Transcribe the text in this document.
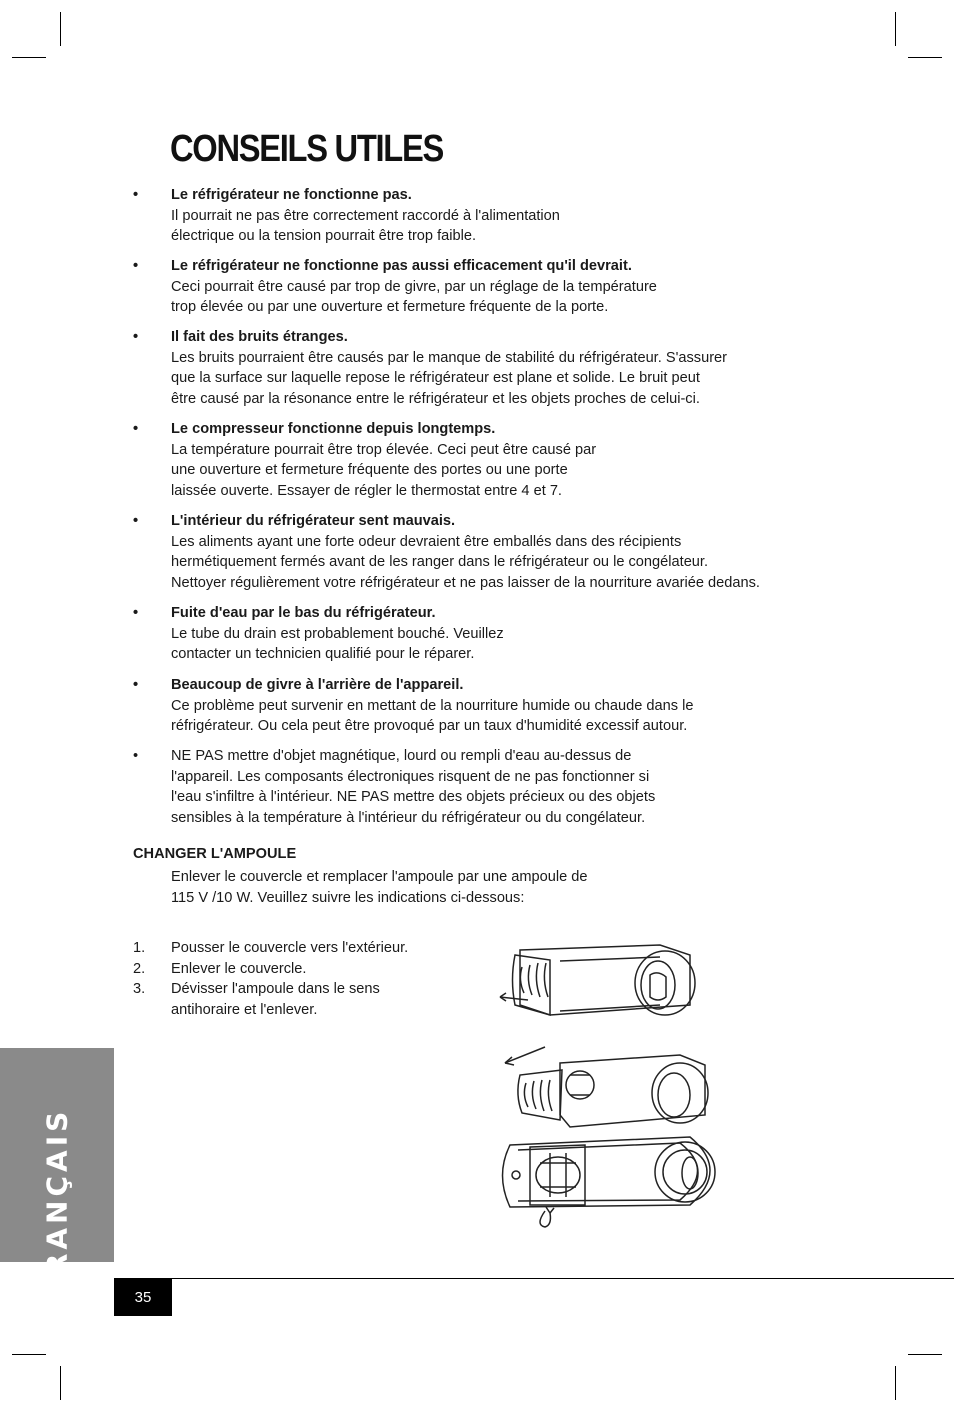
CONSEILS UTILES
• Le réfrigérateur ne fonctionne pas.
Il pourrait ne pas être correctement raccordé à l'alimentation
électrique ou la tension pourrait être trop faible.
• Le réfrigérateur ne fonctionne pas aussi efficacement qu'il devrait.
Ceci pourrait être causé par trop de givre, par un réglage de la température
trop élevée ou par une ouverture et fermeture fréquente de la porte.
• Il fait des bruits étranges.
Les bruits pourraient être causés par le manque de stabilité du réfrigérateur. S'assurer
que la surface sur laquelle repose le réfrigérateur est plane et solide. Le bruit peut
être causé par la résonance entre le réfrigérateur et les objets proches de celui-ci.
• Le compresseur fonctionne depuis longtemps.
La température pourrait être trop élevée. Ceci peut être causé par
une ouverture et fermeture fréquente des portes ou une porte
laissée ouverte. Essayer de régler le thermostat entre 4 et 7.
• L'intérieur du réfrigérateur sent mauvais.
Les aliments ayant une forte odeur devraient être emballés dans des récipients
hermétiquement fermés avant de les ranger dans le réfrigérateur ou le congélateur.
Nettoyer régulièrement votre réfrigérateur et ne pas laisser de la nourriture avariée dedans.
• Fuite d'eau par le bas du réfrigérateur.
Le tube du drain est probablement bouché. Veuillez
contacter un technicien qualifié pour le réparer.
• Beaucoup de givre à l'arrière de l'appareil.
Ce problème peut survenir en mettant de la nourriture humide ou chaude dans le
réfrigérateur. Ou cela peut être provoqué par un taux d'humidité excessif autour.
• NE PAS mettre d'objet magnétique, lourd ou rempli d'eau au-dessus de
l'appareil. Les composants électroniques risquent de ne pas fonctionner si
l'eau s'infiltre à l'intérieur. NE PAS mettre des objets précieux ou des objets
sensibles à la température à l'intérieur du réfrigérateur ou du congélateur.
CHANGER L'AMPOULE
Enlever le couvercle et remplacer l'ampoule par une ampoule de
115 V /10 W. Veuillez suivre les indications ci-dessous:
1. Pousser le couvercle vers l'extérieur.
2. Enlever le couvercle.
3. Dévisser l'ampoule dans le sens
antihoraire et l'enlever.
FRANÇAIS	35
